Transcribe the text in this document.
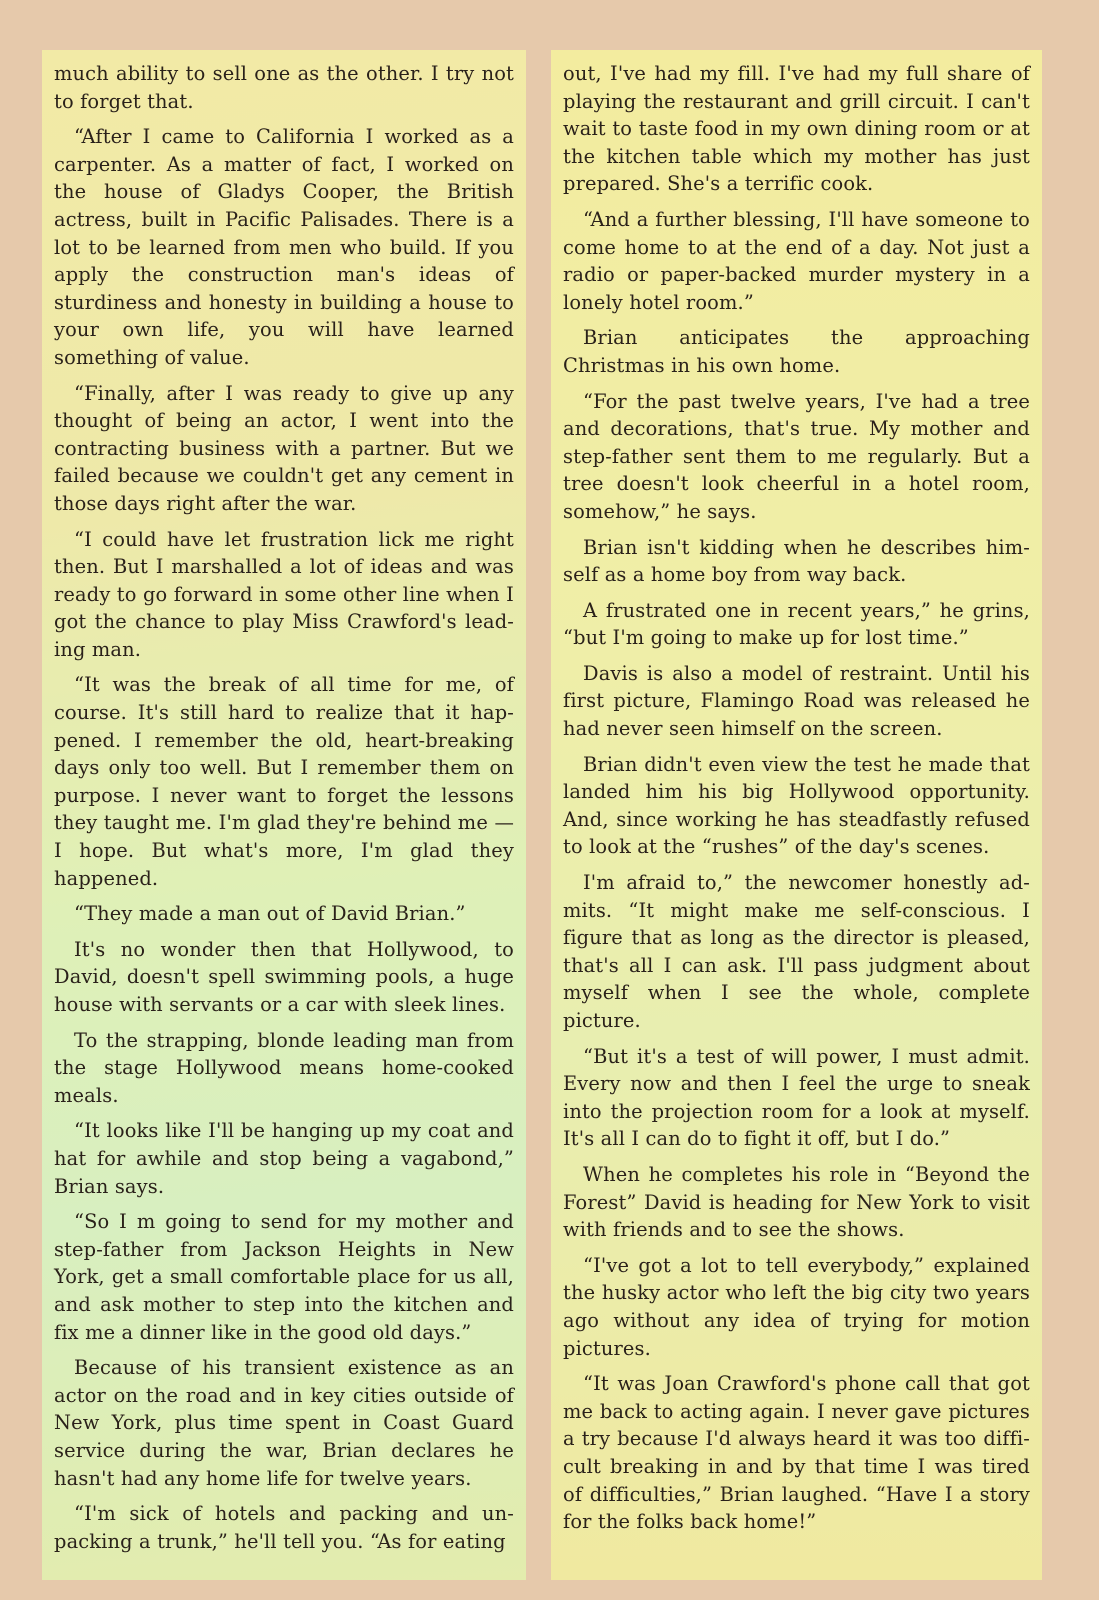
much ability to sell one as the other. I try not to forget that.

“After I came to California I worked as a carpenter. As a matter of fact, I worked on the house of Gladys Cooper, the British actress, built in Pacific Palisades. There is a lot to be learned from men who build. If you apply the construction man's ideas of sturdiness and honesty in building a house to your own life, you will have learned something of value.

“Finally, after I was ready to give up any thought of being an actor, I went into the contracting business with a partner. But we failed because we couldn't get any cement in those days right after the war.

“I could have let frustration lick me right then. But I marshalled a lot of ideas and was ready to go forward in some other line when I got the chance to play Miss Crawford's lead-ing man.

“It was the break of all time for me, of course. It's still hard to realize that it hap-pened. I remember the old, heart-breaking days only too well. But I remember them on purpose. I never want to forget the lessons they taught me. I'm glad they're behind me —I hope. But what's more, I'm glad they happened.

“They made a man out of David Brian.”

It's no wonder then that Hollywood, to David, doesn't spell swimming pools, a huge house with servants or a car with sleek lines.

To the strapping, blonde leading man from the stage Hollywood means home-cooked meals.

“It looks like I'll be hanging up my coat and hat for awhile and stop being a vagabond,” Brian says.

“So I m going to send for my mother and step-father from Jackson Heights in New York, get a small comfortable place for us all, and ask mother to step into the kitchen and fix me a dinner like in the good old days.”

Because of his transient existence as an actor on the road and in key cities outside of New York, plus time spent in Coast Guard service during the war, Brian declares he hasn't had any home life for twelve years.

“I'm sick of hotels and packing and un-packing a trunk,” he'll tell you. “As for eating

out, I've had my fill. I've had my full share of playing the restaurant and grill circuit. I can't wait to taste food in my own dining room or at the kitchen table which my mother has just prepared. She's a terrific cook.

“And a further blessing, I'll have someone to come home to at the end of a day. Not just a radio or paper-backed murder mystery in a lonely hotel room.”

Brian anticipates the approaching Christmas in his own home.

“For the past twelve years, I've had a tree and decorations, that's true. My mother and step-father sent them to me regularly. But a tree doesn't look cheerful in a hotel room, somehow,” he says.

Brian isn't kidding when he describes him-self as a home boy from way back.

A frustrated one in recent years,” he grins, “but I'm going to make up for lost time.”

Davis is also a model of restraint. Until his first picture, Flamingo Road was released he had never seen himself on the screen.

Brian didn't even view the test he made that landed him his big Hollywood opportunity. And, since working he has steadfastly refused to look at the “rushes” of the day's scenes.

I'm afraid to,” the newcomer honestly ad-mits. “It might make me self-conscious. I figure that as long as the director is pleased, that's all I can ask. I'll pass judgment about myself when I see the whole, complete picture.

“But it's a test of will power, I must admit. Every now and then I feel the urge to sneak into the projection room for a look at myself. It's all I can do to fight it off, but I do.”

When he completes his role in “Beyond the Forest” David is heading for New York to visit with friends and to see the shows.

“I've got a lot to tell everybody,” explained the husky actor who left the big city two years ago without any idea of trying for motion pictures.

“It was Joan Crawford's phone call that got me back to acting again. I never gave pictures a try because I'd always heard it was too diffi-cult breaking in and by that time I was tired of difficulties,” Brian laughed. “Have I a story for the folks back home!”
